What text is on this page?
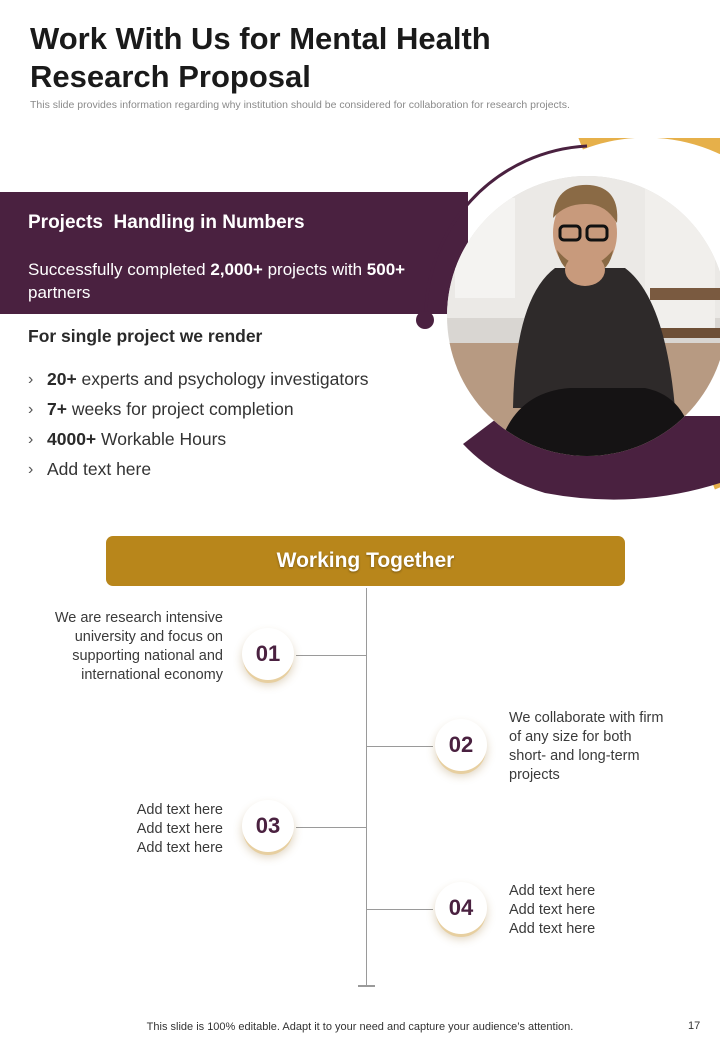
Work With Us for Mental Health Research Proposal
This slide provides information regarding why institution should be considered for collaboration for research projects.
Projects  Handling in Numbers
Successfully completed 2,000+ projects with 500+ partners
For single project we render
› 20+ experts and psychology investigators
› 7+ weeks for project completion
› 4000+ Workable Hours
› Add text here
Working Together
We are research intensive university and focus on supporting national and international economy
01
We collaborate with firm of any size for both short- and long-term projects
02
Add text here
Add text here
Add text here
03
Add text here
Add text here
Add text here
04
This slide is 100% editable. Adapt it to your need and capture your audience’s attention.	17
